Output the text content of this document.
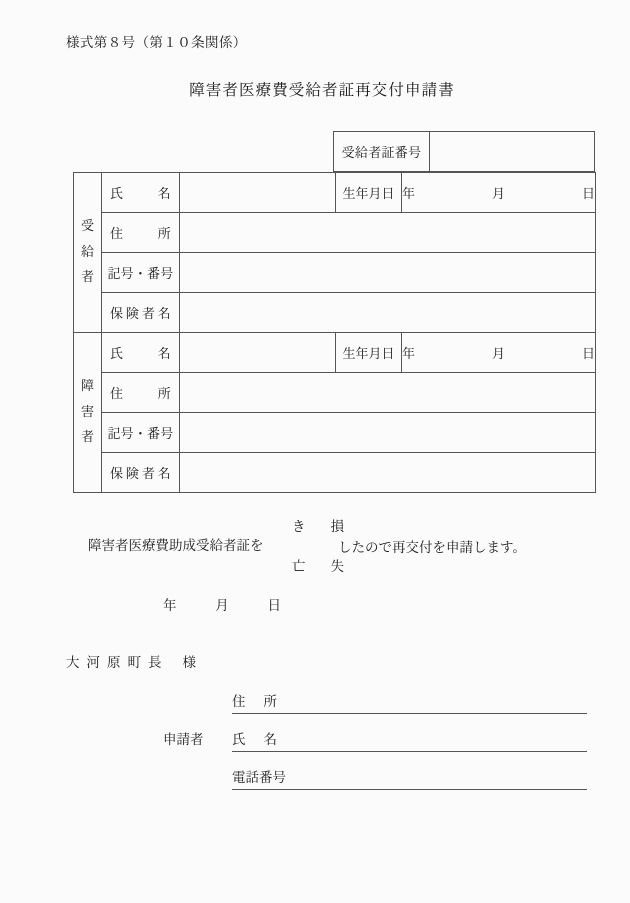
様式第８号（第１０条関係）
障害者医療費受給者証再交付申請書
受給者証番号
受
給
者	氏 名		生年月日	年 月 日

	住 所			

	記号・番号			

	保 険 者 名			

障
害
者	氏 名		生年月日	年 月 日

	住 所			

	記号・番号			

	保 険 者 名			

障害者医療費助成受給者証を
き 損
亡 失
したので再交付を申請します。
年	月	日
大河原町長 様
申請者
住 所
氏 名
電話番号
